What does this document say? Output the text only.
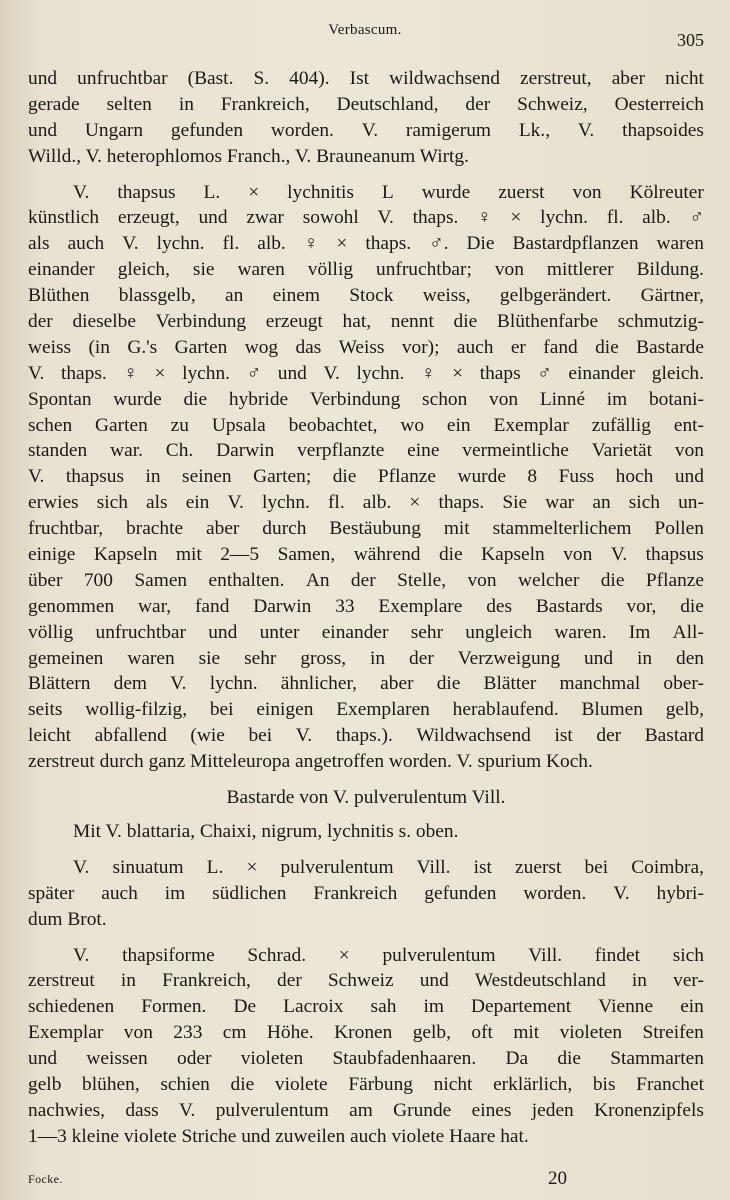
Verbascum.	305
und unfruchtbar (Bast. S. 404). Ist wildwachsend zerstreut, aber nicht
gerade selten in Frankreich, Deutschland, der Schweiz, Oesterreich
und Ungarn gefunden worden. V. ramigerum Lk., V. thapsoides
Willd., V. heterophlomos Franch., V. Brauneanum Wirtg.
V. thapsus L. × lychnitis L wurde zuerst von Kölreuter
künstlich erzeugt, und zwar sowohl V. thaps. ♀ × lychn. fl. alb. ♂
als auch V. lychn. fl. alb. ♀ × thaps. ♂. Die Bastardpflanzen waren
einander gleich, sie waren völlig unfruchtbar; von mittlerer Bildung.
Blüthen blassgelb, an einem Stock weiss, gelbgerändert. Gärtner,
der dieselbe Verbindung erzeugt hat, nennt die Blüthenfarbe schmutzig-
weiss (in G.'s Garten wog das Weiss vor); auch er fand die Bastarde
V. thaps. ♀ × lychn. ♂ und V. lychn. ♀ × thaps ♂ einander gleich.
Spontan wurde die hybride Verbindung schon von Linné im botani-
schen Garten zu Upsala beobachtet, wo ein Exemplar zufällig ent-
standen war. Ch. Darwin verpflanzte eine vermeintliche Varietät von
V. thapsus in seinen Garten; die Pflanze wurde 8 Fuss hoch und
erwies sich als ein V. lychn. fl. alb. × thaps. Sie war an sich un-
fruchtbar, brachte aber durch Bestäubung mit stammelterlichem Pollen
einige Kapseln mit 2—5 Samen, während die Kapseln von V. thapsus
über 700 Samen enthalten. An der Stelle, von welcher die Pflanze
genommen war, fand Darwin 33 Exemplare des Bastards vor, die
völlig unfruchtbar und unter einander sehr ungleich waren. Im All-
gemeinen waren sie sehr gross, in der Verzweigung und in den
Blättern dem V. lychn. ähnlicher, aber die Blätter manchmal ober-
seits wollig-filzig, bei einigen Exemplaren herablaufend. Blumen gelb,
leicht abfallend (wie bei V. thaps.). Wildwachsend ist der Bastard
zerstreut durch ganz Mitteleuropa angetroffen worden. V. spurium Koch.
Bastarde von V. pulverulentum Vill.
Mit V. blattaria, Chaixi, nigrum, lychnitis s. oben.
V. sinuatum L. × pulverulentum Vill. ist zuerst bei Coimbra,
später auch im südlichen Frankreich gefunden worden. V. hybri-
dum Brot.
V. thapsiforme Schrad. × pulverulentum Vill. findet sich
zerstreut in Frankreich, der Schweiz und Westdeutschland in ver-
schiedenen Formen. De Lacroix sah im Departement Vienne ein
Exemplar von 233 cm Höhe. Kronen gelb, oft mit violeten Streifen
und weissen oder violeten Staubfadenhaaren. Da die Stammarten
gelb blühen, schien die violete Färbung nicht erklärlich, bis Franchet
nachwies, dass V. pulverulentum am Grunde eines jeden Kronenzipfels
1—3 kleine violete Striche und zuweilen auch violete Haare hat.
Focke.	20
